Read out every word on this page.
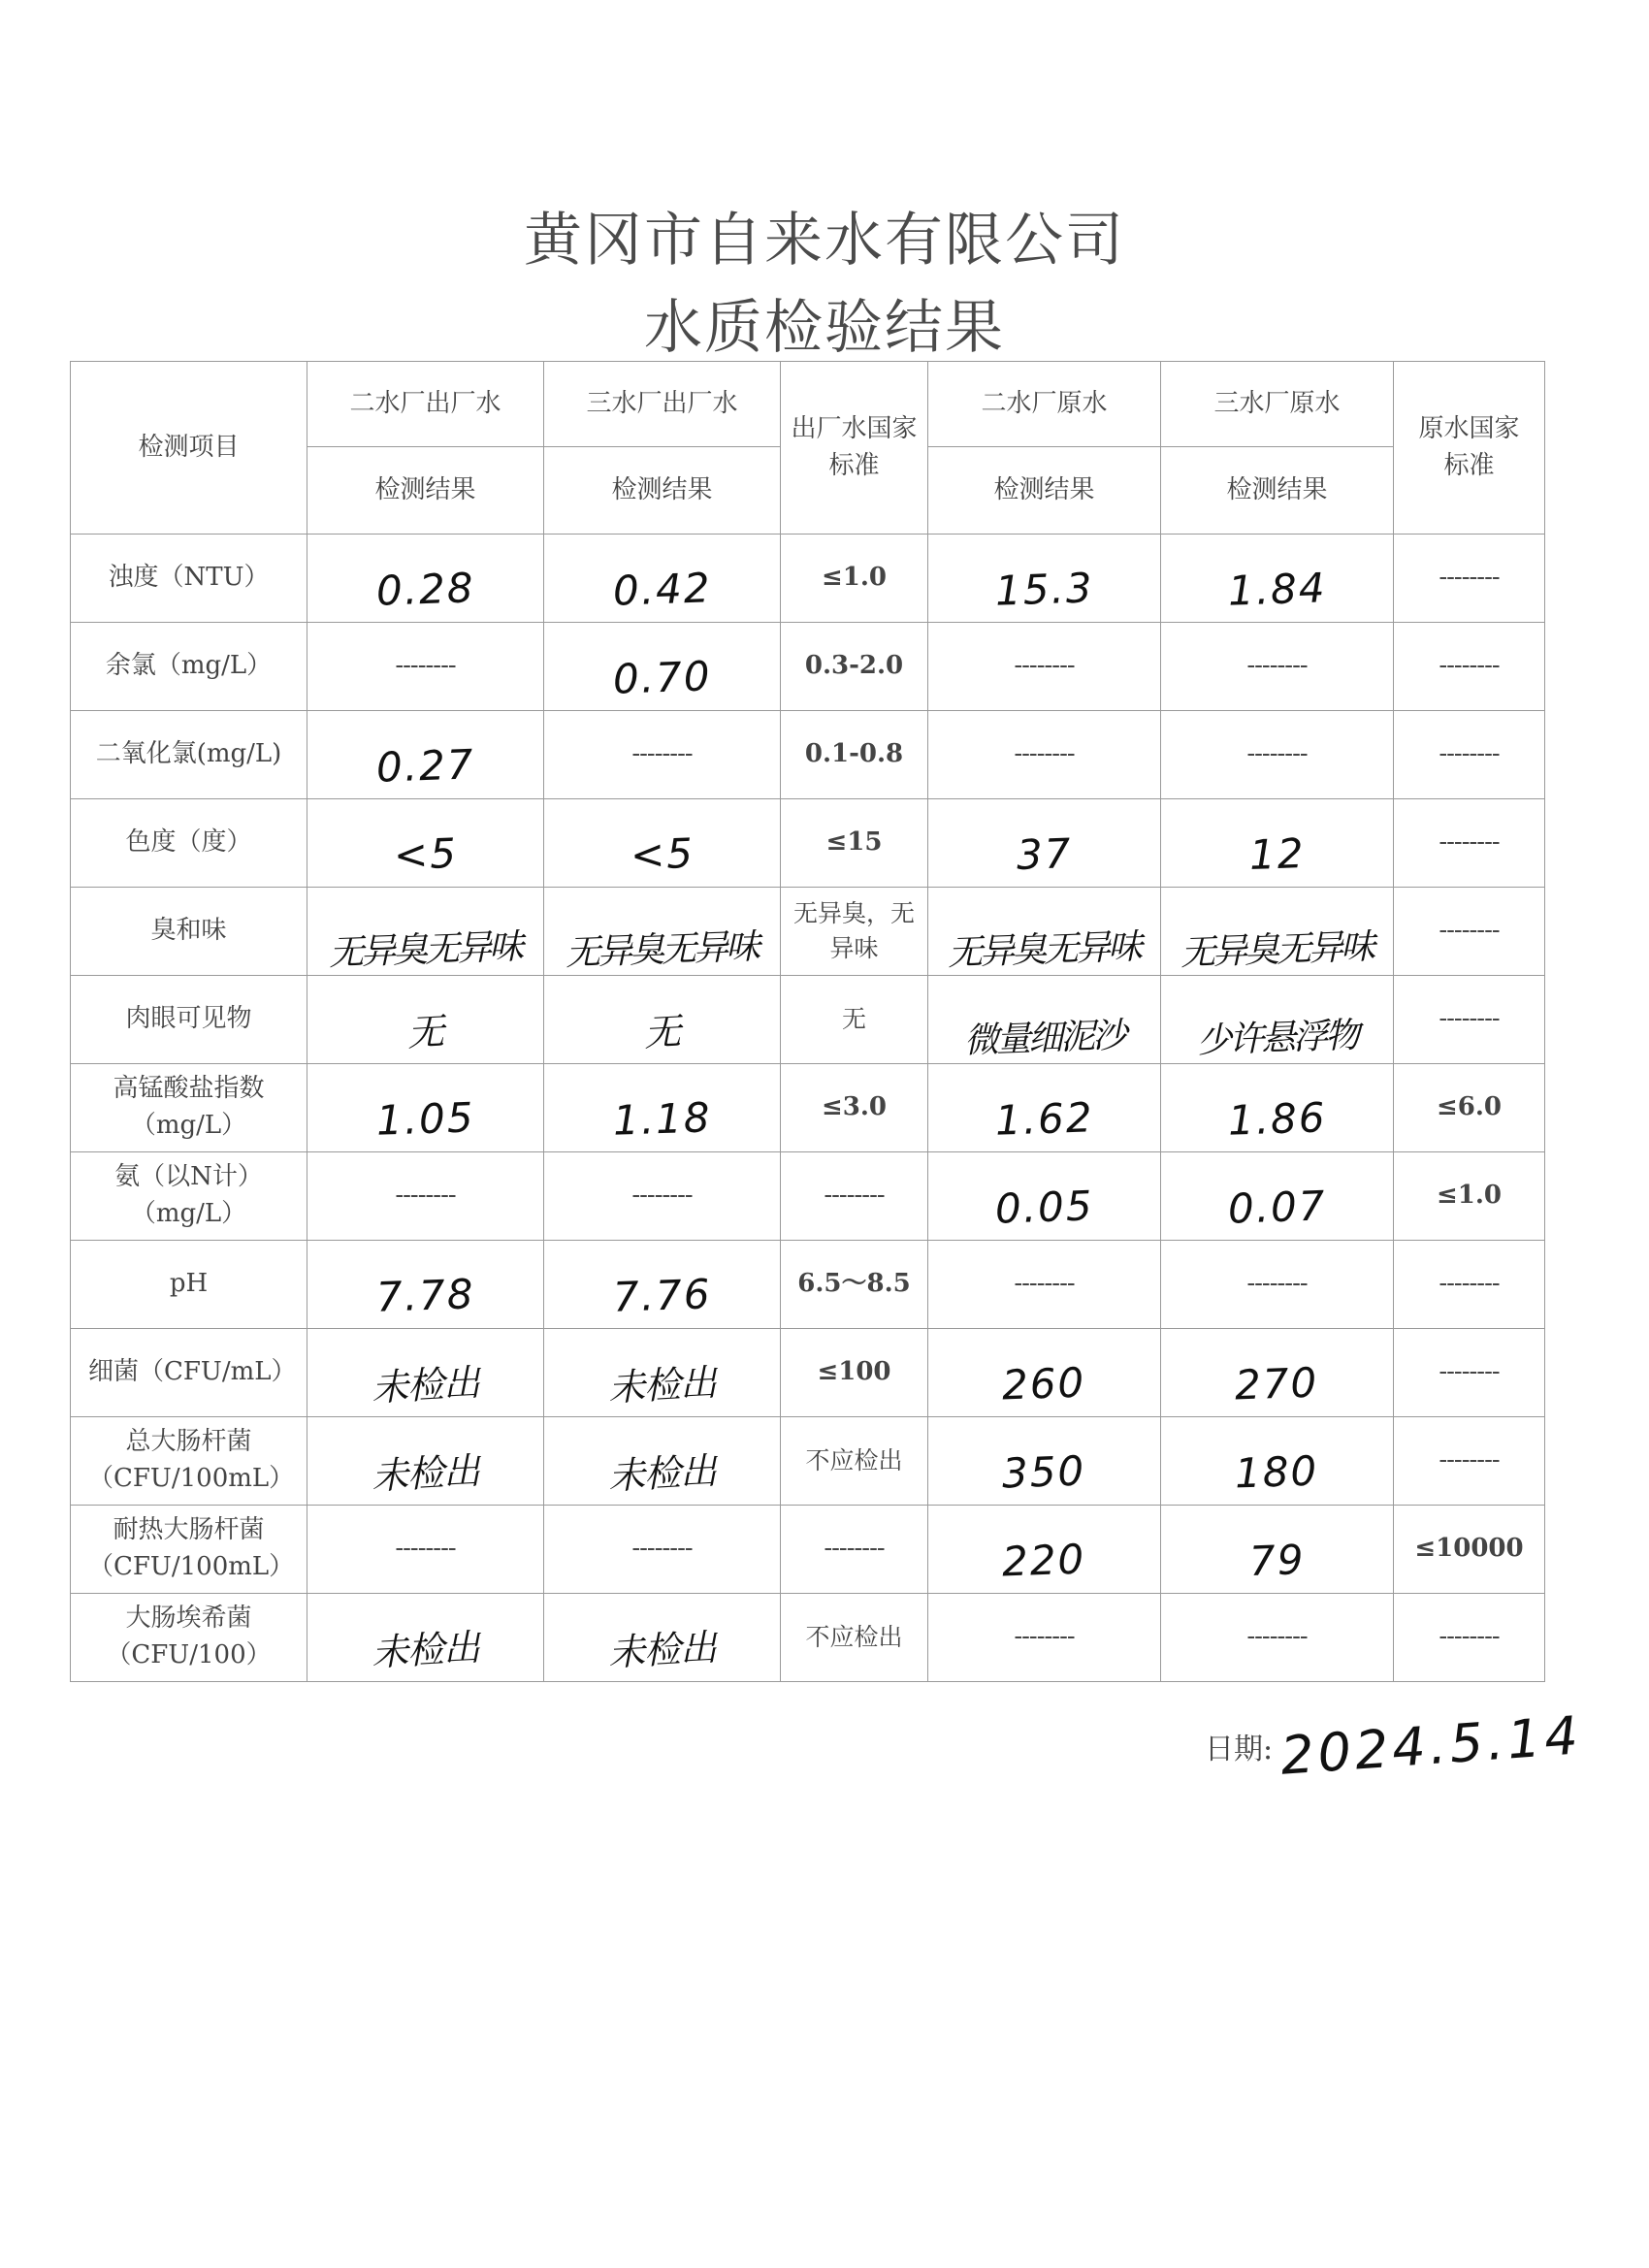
黄冈市自来水有限公司
水质检验结果
检测项目	二水厂出厂水	三水厂出厂水	出厂水国家标准	二水厂原水	三水厂原水	原水国家标准
	检测结果	检测结果		检测结果	检测结果	
浊度（NTU）	0.28	0.42	≤1.0	15.3	1.84	--------
余氯（mg/L）	--------	0.70	0.3-2.0	--------	--------	--------
二氧化氯(mg/L)	0.27	--------	0.1-0.8	--------	--------	--------
色度（度）	<5	<5	≤15	37	12	--------
臭和味	无异臭无异味	无异臭无异味	无异臭，无异味	无异臭无异味	无异臭无异味	--------
肉眼可见物	无	无	无	微量细泥沙	少许悬浮物	--------
高锰酸盐指数（mg/L）	1.05	1.18	≤3.0	1.62	1.86	≤6.0
氨（以N计）（mg/L）	--------	--------	--------	0.05	0.07	≤1.0
pH	7.78	7.76	6.5～8.5	--------	--------	--------
细菌（CFU/mL）	未检出	未检出	≤100	260	270	--------
总大肠杆菌（CFU/100mL）	未检出	未检出	不应检出	350	180	--------
耐热大肠杆菌（CFU/100mL）	--------	--------	--------	220	79	≤10000
大肠埃希菌（CFU/100）	未检出	未检出	不应检出	--------	--------	--------
日期: 2024.5.14
